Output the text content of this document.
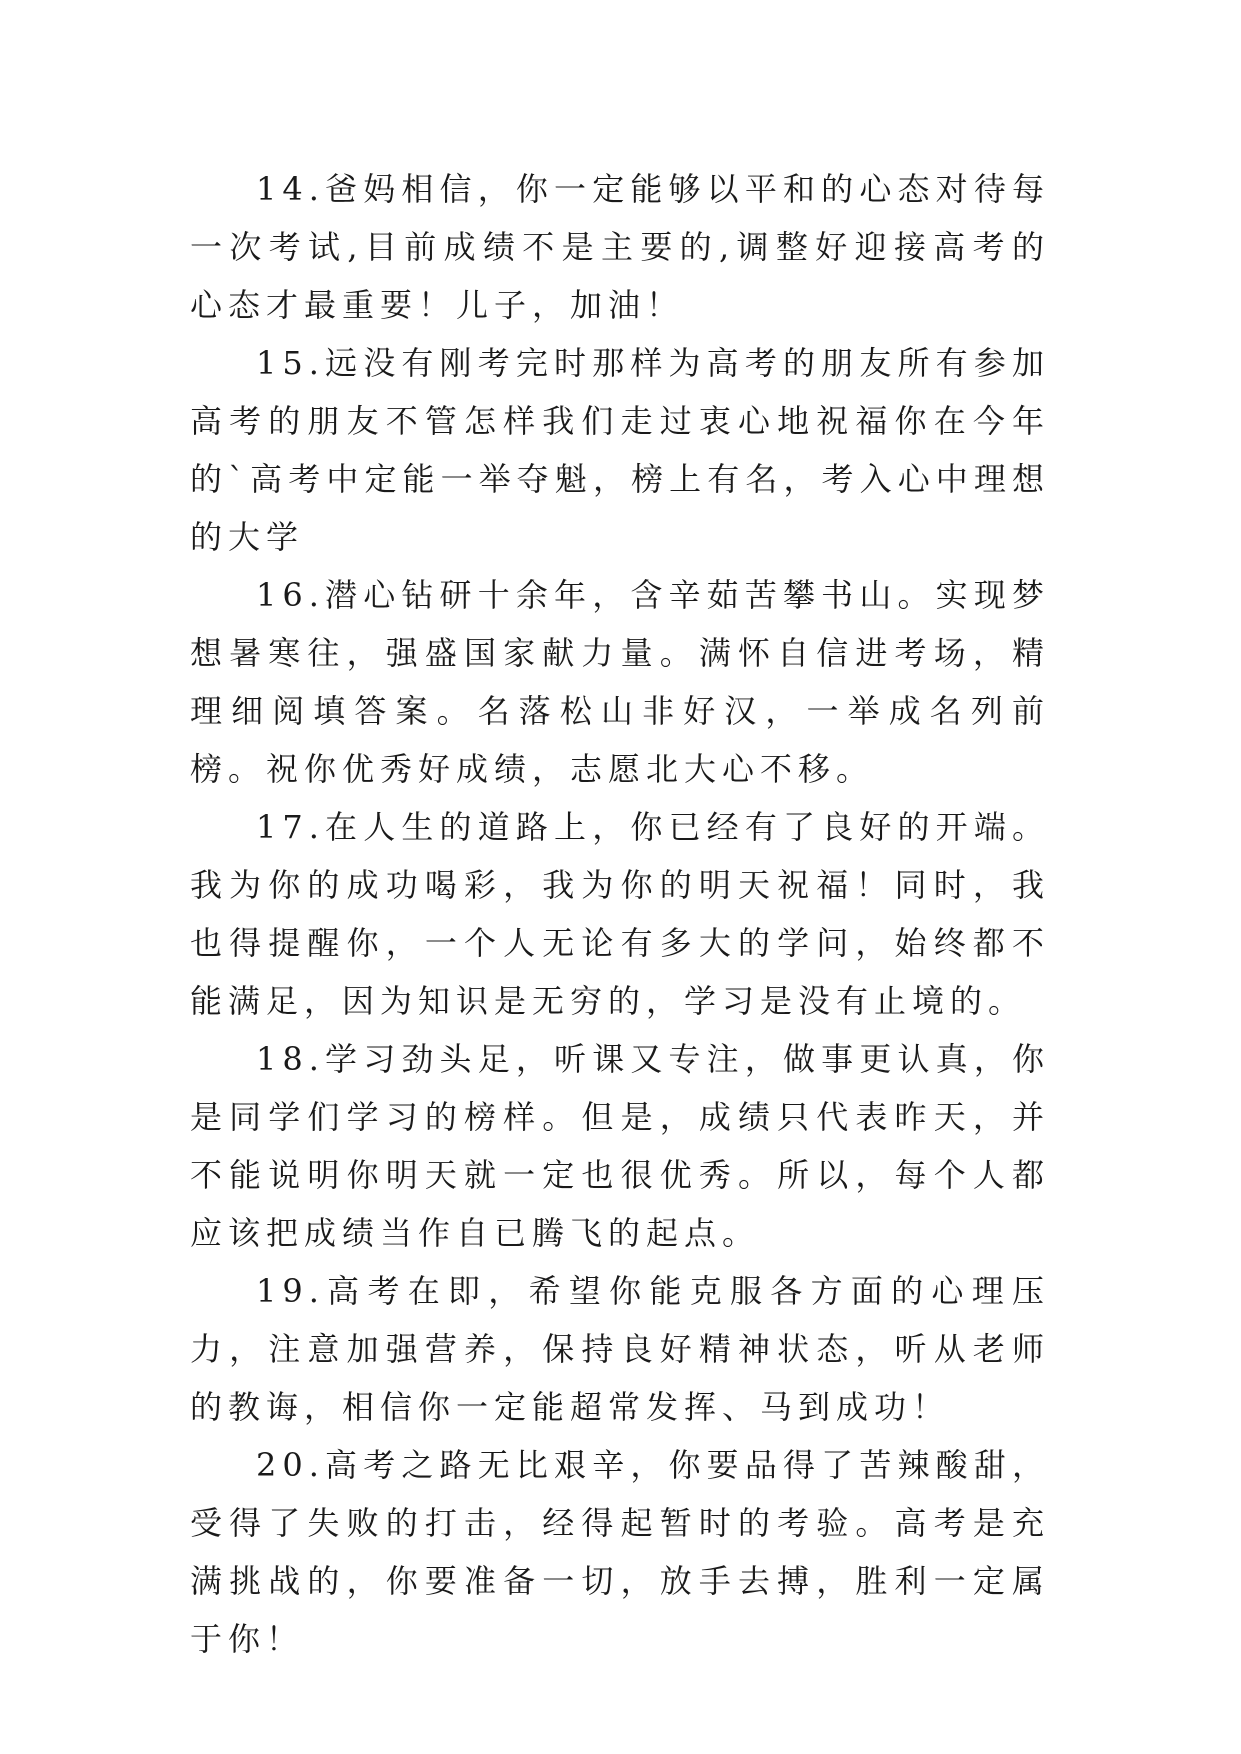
14.爸妈相信，你一定能够以平和的心态对待每一次考试,目前成绩不是主要的,调整好迎接高考的心态才最重要！儿子，加油！

15.远没有刚考完时那样为高考的朋友所有参加高考的朋友不管怎样我们走过衷心地祝福你在今年的`高考中定能一举夺魁，榜上有名，考入心中理想的大学

16.潜心钻研十余年，含辛茹苦攀书山。实现梦想暑寒往，强盛国家献力量。满怀自信进考场，精理细阅填答案。名落松山非好汉，一举成名列前榜。祝你优秀好成绩，志愿北大心不移。

17.在人生的道路上，你已经有了良好的开端。我为你的成功喝彩，我为你的明天祝福！同时，我也得提醒你，一个人无论有多大的学问，始终都不能满足，因为知识是无穷的，学习是没有止境的。

18.学习劲头足，听课又专注，做事更认真，你是同学们学习的榜样。但是，成绩只代表昨天，并不能说明你明天就一定也很优秀。所以，每个人都应该把成绩当作自已腾飞的起点。

19.高考在即，希望你能克服各方面的心理压力，注意加强营养，保持良好精神状态，听从老师的教诲，相信你一定能超常发挥、马到成功！

20.高考之路无比艰辛，你要品得了苦辣酸甜，受得了失败的打击，经得起暂时的考验。高考是充满挑战的，你要准备一切，放手去搏，胜利一定属于你！
